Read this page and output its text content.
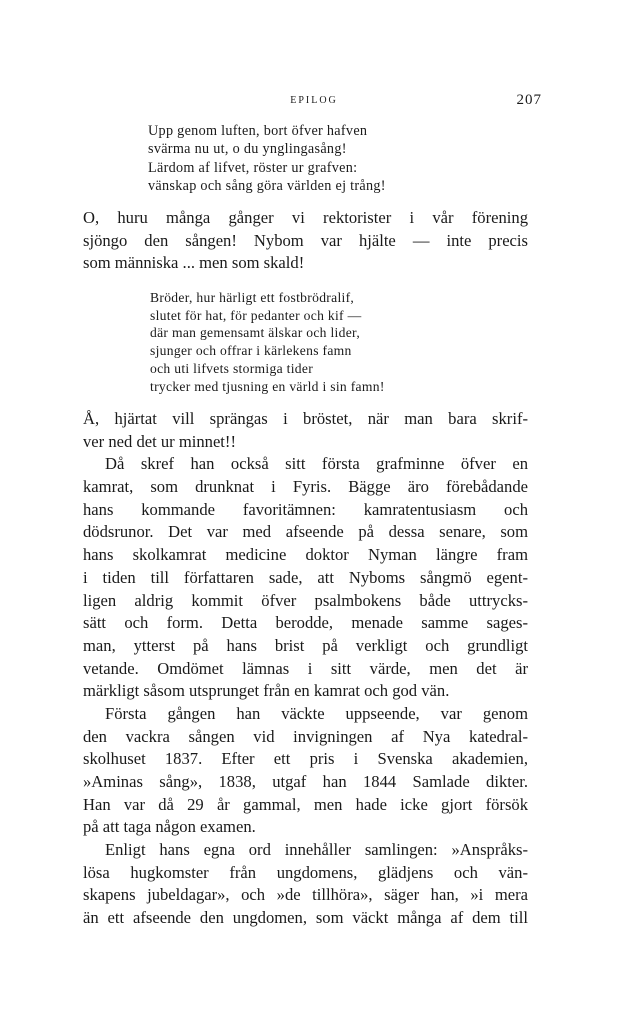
EPILOG	207
Upp genom luften, bort öfver hafven
svärma nu ut, o du ynglingasång!
Lärdom af lifvet, röster ur grafven:
vänskap och sång göra världen ej trång!
O, huru många gånger vi rektorister i vår förening
sjöngo den sången! Nybom var hjälte — inte precis
som människa ... men som skald!
Bröder, hur härligt ett fostbrödralif,
slutet för hat, för pedanter och kif —
där man gemensamt älskar och lider,
sjunger och offrar i kärlekens famn
och uti lifvets stormiga tider
trycker med tjusning en värld i sin famn!
Å, hjärtat vill sprängas i bröstet, när man bara skrif-
ver ned det ur minnet!!
Då skref han också sitt första grafminne öfver en
kamrat, som drunknat i Fyris. Bägge äro förebådande
hans kommande favoritämnen: kamratentusiasm och
dödsrunor. Det var med afseende på dessa senare, som
hans skolkamrat medicine doktor Nyman längre fram
i tiden till författaren sade, att Nyboms sångmö egent-
ligen aldrig kommit öfver psalmbokens både uttrycks-
sätt och form. Detta berodde, menade samme sages-
man, ytterst på hans brist på verkligt och grundligt
vetande. Omdömet lämnas i sitt värde, men det är
märkligt såsom utsprunget från en kamrat och god vän.
Första gången han väckte uppseende, var genom
den vackra sången vid invigningen af Nya katedral-
skolhuset 1837. Efter ett pris i Svenska akademien,
»Aminas sång», 1838, utgaf han 1844 Samlade dikter.
Han var då 29 år gammal, men hade icke gjort försök
på att taga någon examen.
Enligt hans egna ord innehåller samlingen: »Anspråks-
lösa hugkomster från ungdomens, glädjens och vän-
skapens jubeldagar», och »de tillhöra», säger han, »i mera
än ett afseende den ungdomen, som väckt många af dem till
